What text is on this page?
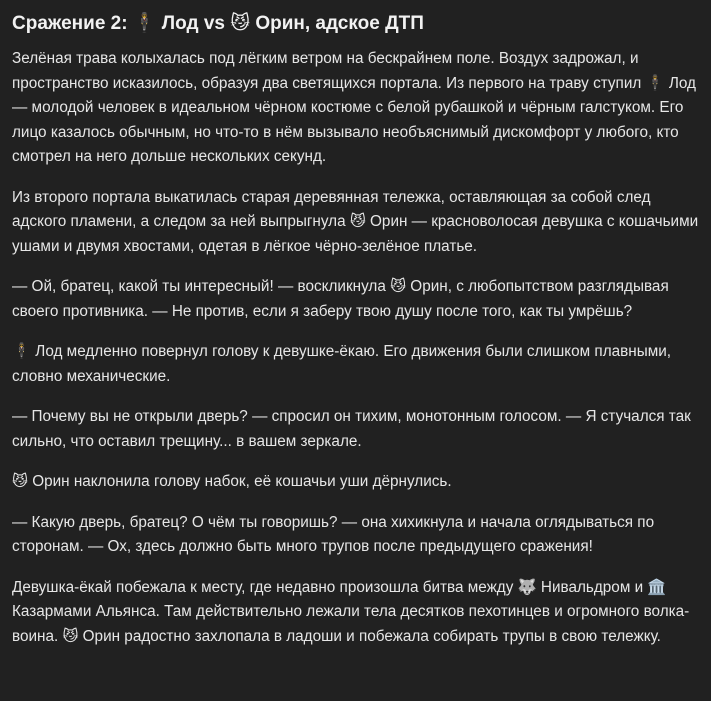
Сражение 2: 🕴️ Лод vs 😼 Орин, адское ДТП

Зелёная трава колыхалась под лёгким ветром на бескрайнем поле. Воздух задрожал, и пространство исказилось, образуя два светящихся портала. Из первого на траву ступил 🕴️ Лод — молодой человек в идеальном чёрном костюме с белой рубашкой и чёрным галстуком. Его лицо казалось обычным, но что-то в нём вызывало необъяснимый дискомфорт у любого, кто смотрел на него дольше нескольких секунд.

Из второго портала выкатилась старая деревянная тележка, оставляющая за собой след адского пламени, а следом за ней выпрыгнула 😼 Орин — красноволосая девушка с кошачьими ушами и двумя хвостами, одетая в лёгкое чёрно-зелёное платье.

— Ой, братец, какой ты интересный! — воскликнула 😼 Орин, с любопытством разглядывая своего противника. — Не против, если я заберу твою душу после того, как ты умрёшь?

🕴️ Лод медленно повернул голову к девушке-ёкаю. Его движения были слишком плавными, словно механические.

— Почему вы не открыли дверь? — спросил он тихим, монотонным голосом. — Я стучался так сильно, что оставил трещину... в вашем зеркале.

😼 Орин наклонила голову набок, её кошачьи уши дёрнулись.

— Какую дверь, братец? О чём ты говоришь? — она хихикнула и начала оглядываться по сторонам. — Ох, здесь должно быть много трупов после предыдущего сражения!

Девушка-ёкай побежала к месту, где недавно произошла битва между 🐺 Нивальдром и 🏛️ Казармами Альянса. Там действительно лежали тела десятков пехотинцев и огромного волка-воина. 😼 Орин радостно захлопала в ладоши и побежала собирать трупы в свою тележку.
